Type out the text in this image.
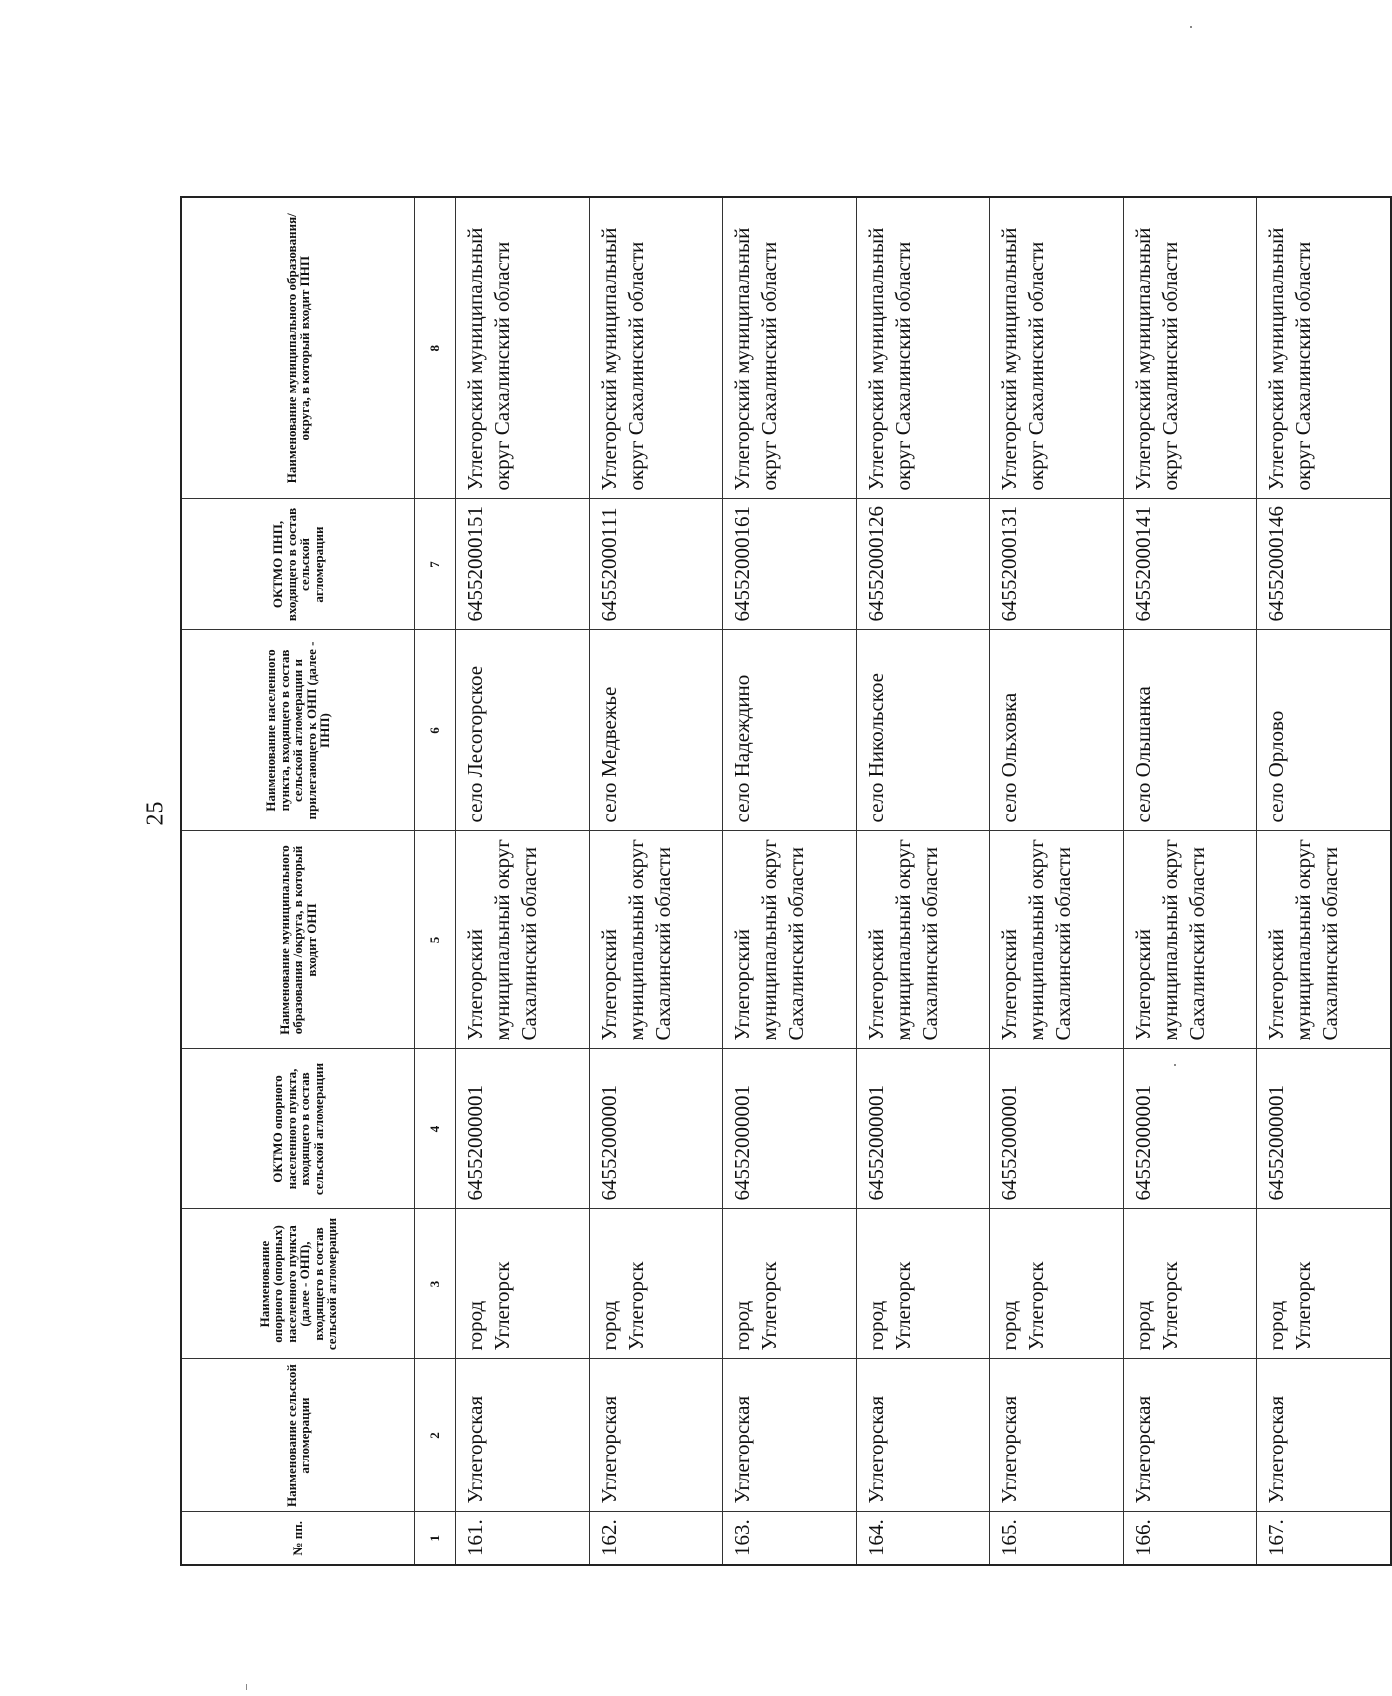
25
№ пп.	Наименование сельской агломерации	Наименование опорного (опорных) населенного пункта (далее - ОНП), входящего в состав сельской агломерации	ОКТМО опорного населенного пункта, входящего в состав сельской агломерации	Наименование муниципального образования /округа, в который входит ОНП	Наименование населенного пункта, входящего в состав сельской агломерации и прилегающего к ОНП (далее - ПНП)	ОКТМО ПНП, входящего в состав сельской агломерации	Наименование муниципального образования/округа, в который входит ПНП
1	2	3	4	5	6	7	8
161.	Углегорская	город Углегорск	64552000001	Углегорский муниципальный округ Сахалинский области	село Лесогорское	64552000151	Углегорский муниципальный округ Сахалинский области
162.	Углегорская	город Углегорск	64552000001	Углегорский муниципальный округ Сахалинский области	село Медвежье	64552000111	Углегорский муниципальный округ Сахалинский области
163.	Углегорская	город Углегорск	64552000001	Углегорский муниципальный округ Сахалинский области	село Надеждино	64552000161	Углегорский муниципальный округ Сахалинский области
164.	Углегорская	город Углегорск	64552000001	Углегорский муниципальный округ Сахалинский области	село Никольское	64552000126	Углегорский муниципальный округ Сахалинский области
165.	Углегорская	город Углегорск	64552000001	Углегорский муниципальный округ Сахалинский области	село Ольховка	64552000131	Углегорский муниципальный округ Сахалинский области
166.	Углегорская	город Углегорск	64552000001	Углегорский муниципальный округ Сахалинский области	село Ольшанка	64552000141	Углегорский муниципальный округ Сахалинский области
167.	Углегорская	город Углегорск	64552000001	Углегорский муниципальный округ Сахалинский области	село Орлово	64552000146	Углегорский муниципальный округ Сахалинский области
